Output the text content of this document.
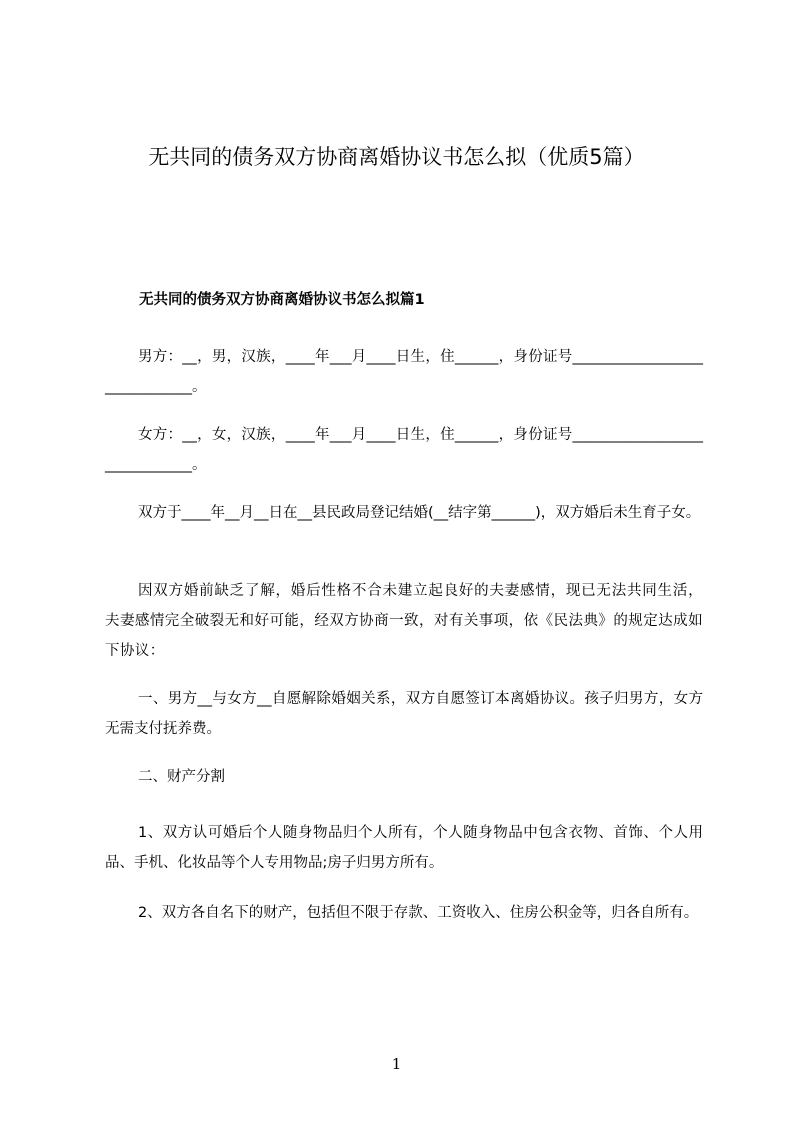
无共同的债务双方协商离婚协议书怎么拟（优质5篇）
无共同的债务双方协商离婚协议书怎么拟篇1

男方：__，男，汉族，____年___月____日生，住______，身份证号______________________________。

女方：__，女，汉族，____年___月____日生，住______，身份证号______________________________。

双方于____年__月__日在__县民政局登记结婚(__结字第______)，双方婚后未生育子女。

因双方婚前缺乏了解，婚后性格不合未建立起良好的夫妻感情，现已无法共同生活，夫妻感情完全破裂无和好可能，经双方协商一致，对有关事项，依《民法典》的规定达成如下协议：

一、男方__与女方__自愿解除婚姻关系，双方自愿签订本离婚协议。孩子归男方，女方无需支付抚养费。

二、财产分割

1、双方认可婚后个人随身物品归个人所有，个人随身物品中包含衣物、首饰、个人用品、手机、化妆品等个人专用物品;房子归男方所有。

2、双方各自名下的财产，包括但不限于存款、工资收入、住房公积金等，归各自所有。

1
